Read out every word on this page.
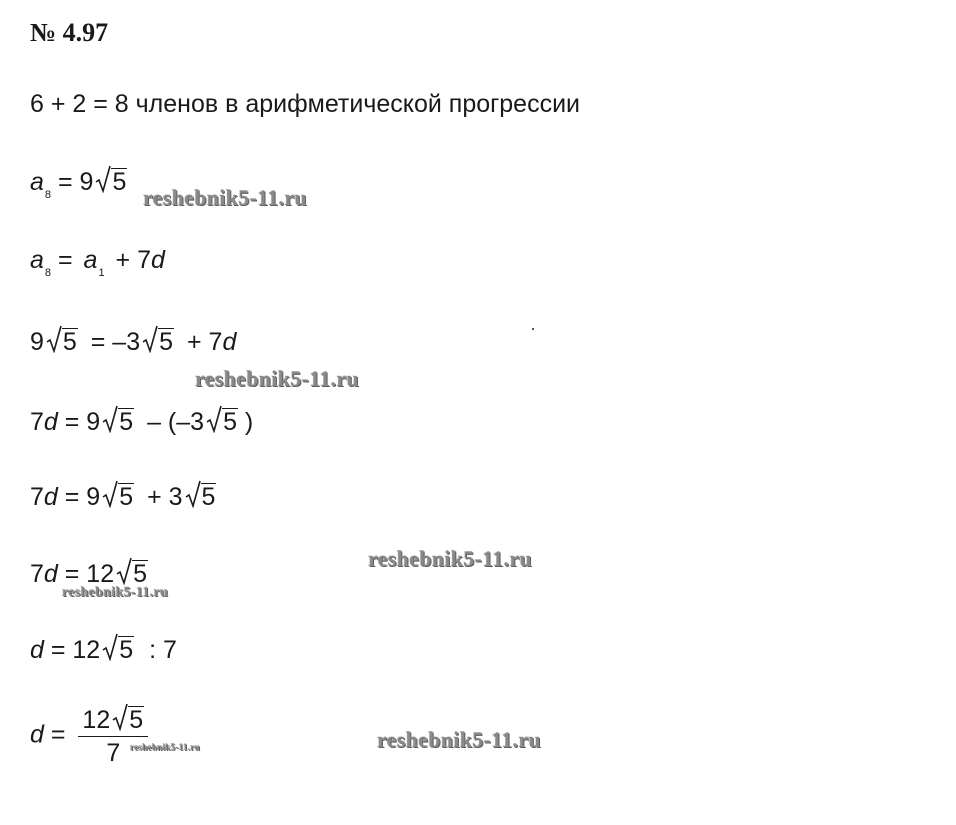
№ 4.97
6 + 2 = 8 членов в арифметической прогрессии
$a_8 = 9$ 5
$a_8 = a_1 + 7d$
9 5 = –3 5 + 7d
7d = 9 5 – (–3 5 )
7d = 9 5 + 3 5
7d = 12 5
d = 12 5 : 7
$d = \frac{12 5}{7}$
reshebnik5-11.ru
reshebnik5-11.ru
reshebnik5-11.ru
reshebnik5-11.ru
reshebnik5-11.ru	reshebnik5-11.ru
